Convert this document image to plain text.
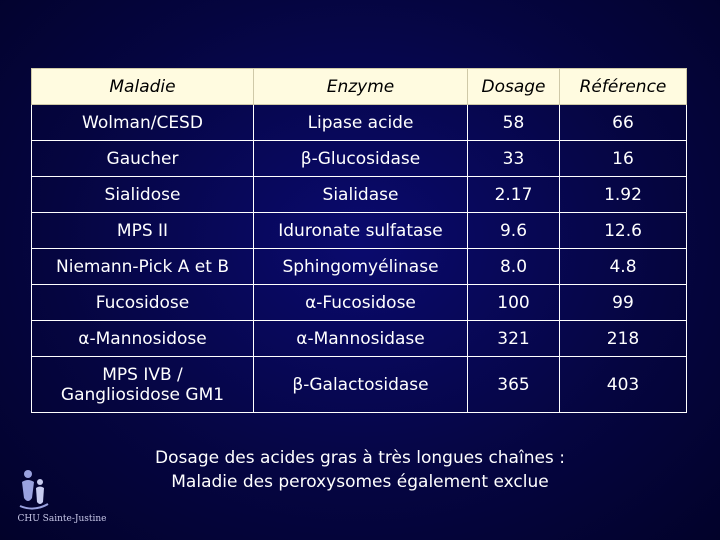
Maladie	Enzyme	Dosage	Référence
Wolman/CESD	Lipase acide	58	66
Gaucher	β-Glucosidase	33	16
Sialidose	Sialidase	2.17	1.92
MPS II	Iduronate sulfatase	9.6	12.6
Niemann-Pick A et B	Sphingomyélinase	8.0	4.8
Fucosidose	α-Fucosidose	100	99
α-Mannosidose	α-Mannosidase	321	218

MPS IVB /
Gangliosidose GM1	β-Galactosidase	365	403
Dosage des acides gras à très longues chaînes :
Maladie des peroxysomes également exclue
CHU Sainte-Justine
